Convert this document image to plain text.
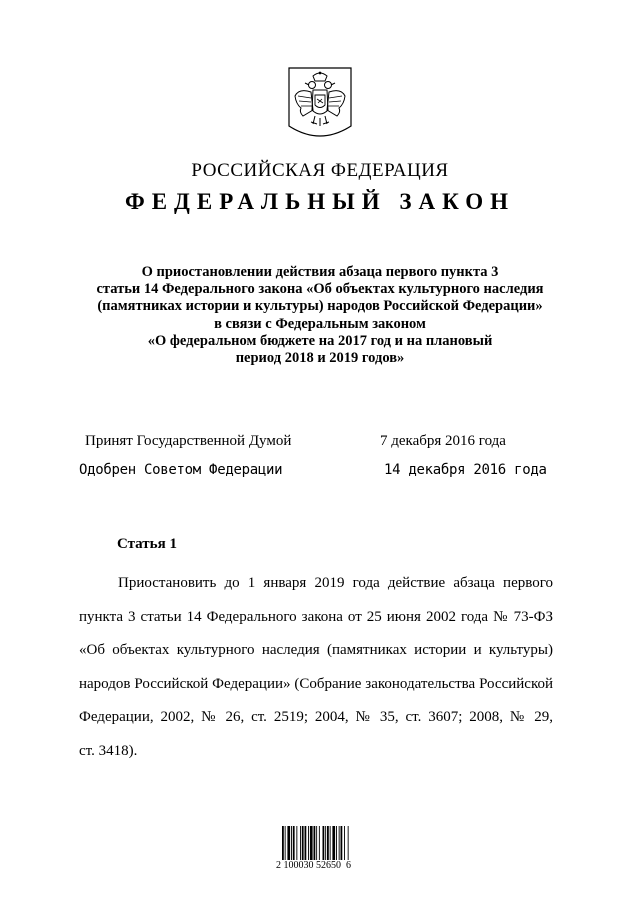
РОССИЙСКАЯ ФЕДЕРАЦИЯ
ФЕДЕРАЛЬНЫЙ ЗАКОН
О приостановлении действия абзаца первого пункта 3
статьи 14 Федерального закона «Об объектах культурного наследия
(памятниках истории и культуры) народов Российской Федерации»
в связи с Федеральным законом
«О федеральном бюджете на 2017 год и на плановый
период 2018 и 2019 годов»
Принят Государственной Думой	7 декабря 2016 года
Одобрен Советом Федерации	14 декабря 2016 года
Статья 1
Приостановить до 1 января 2019 года действие абзаца первого
пункта 3 статьи 14 Федерального закона от 25 июня 2002 года № 73-ФЗ
«Об объектах культурного наследия (памятниках истории и культуры)
народов Российской Федерации» (Собрание законодательства Российской
Федерации, 2002, № 26, ст. 2519; 2004, № 35, ст. 3607; 2008, № 29,
ст. 3418).
2 100030 52650  6
